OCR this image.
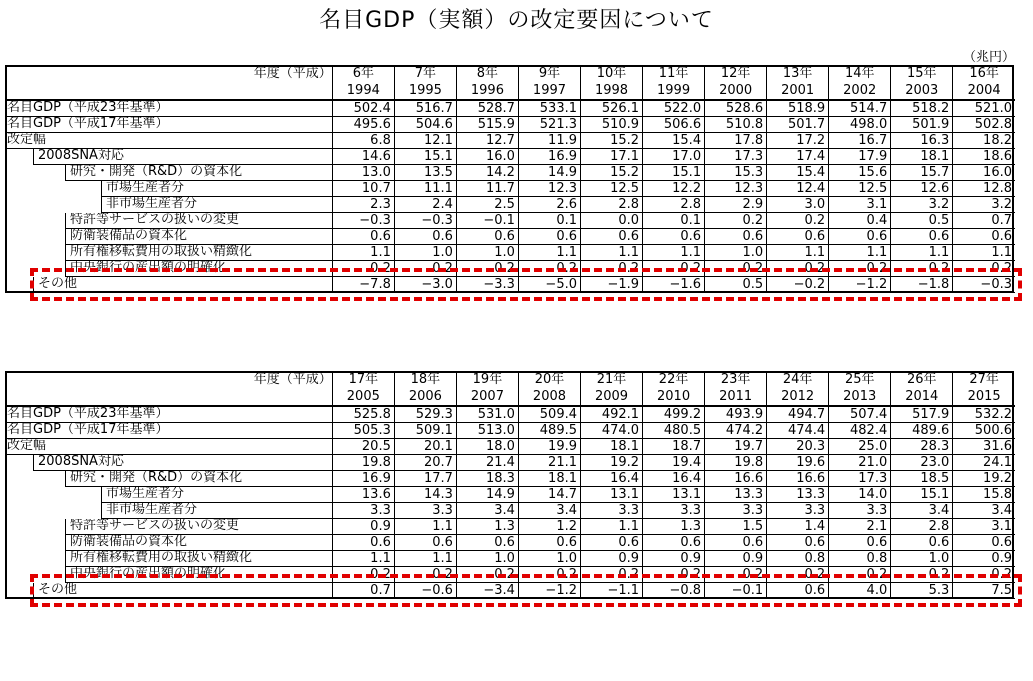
名目GDP（実額）の改定要因について
（兆円）
年度（平成）	6年	7年	8年	9年	10年	11年	12年	13年	14年	15年	16年
	1994	1995	1996	1997	1998	1999	2000	2001	2002	2003	2004

名目GDP（平成23年基準）	502.4	516.7	528.7	533.1	526.1	522.0	528.6	518.9	514.7	518.2	521.0

名目GDP（平成17年基準）	495.6	504.6	515.9	521.3	510.9	506.6	510.8	501.7	498.0	501.9	502.8

改定幅	6.8	12.1	12.7	11.9	15.2	15.4	17.8	17.2	16.7	16.3	18.2

2008SNA対応	14.6	15.1	16.0	16.9	17.1	17.0	17.3	17.4	17.9	18.1	18.6

研究・開発（R&D）の資本化	13.0	13.5	14.2	14.9	15.2	15.1	15.3	15.4	15.6	15.7	16.0

市場生産者分	10.7	11.1	11.7	12.3	12.5	12.2	12.3	12.4	12.5	12.6	12.8

非市場生産者分	2.3	2.4	2.5	2.6	2.8	2.8	2.9	3.0	3.1	3.2	3.2

特許等サービスの扱いの変更	−0.3	−0.3	−0.1	0.1	0.0	0.1	0.2	0.2	0.4	0.5	0.7

防衛装備品の資本化	0.6	0.6	0.6	0.6	0.6	0.6	0.6	0.6	0.6	0.6	0.6

所有権移転費用の取扱い精緻化	1.1	1.0	1.0	1.1	1.1	1.1	1.0	1.1	1.1	1.1	1.1

中央銀行の産出額の明確化	0.2	0.2	0.2	0.2	0.2	0.2	0.2	0.2	0.2	0.2	0.2

その他	−7.8	−3.0	−3.3	−5.0	−1.9	−1.6	0.5	−0.2	−1.2	−1.8	−0.3
年度（平成）	17年	18年	19年	20年	21年	22年	23年	24年	25年	26年	27年
	2005	2006	2007	2008	2009	2010	2011	2012	2013	2014	2015

名目GDP（平成23年基準）	525.8	529.3	531.0	509.4	492.1	499.2	493.9	494.7	507.4	517.9	532.2

名目GDP（平成17年基準）	505.3	509.1	513.0	489.5	474.0	480.5	474.2	474.4	482.4	489.6	500.6

改定幅	20.5	20.1	18.0	19.9	18.1	18.7	19.7	20.3	25.0	28.3	31.6

2008SNA対応	19.8	20.7	21.4	21.1	19.2	19.4	19.8	19.6	21.0	23.0	24.1

研究・開発（R&D）の資本化	16.9	17.7	18.3	18.1	16.4	16.4	16.6	16.6	17.3	18.5	19.2

市場生産者分	13.6	14.3	14.9	14.7	13.1	13.1	13.3	13.3	14.0	15.1	15.8

非市場生産者分	3.3	3.3	3.4	3.4	3.3	3.3	3.3	3.3	3.3	3.4	3.4

特許等サービスの扱いの変更	0.9	1.1	1.3	1.2	1.1	1.3	1.5	1.4	2.1	2.8	3.1

防衛装備品の資本化	0.6	0.6	0.6	0.6	0.6	0.6	0.6	0.6	0.6	0.6	0.6

所有権移転費用の取扱い精緻化	1.1	1.1	1.0	1.0	0.9	0.9	0.9	0.8	0.8	1.0	0.9

中央銀行の産出額の明確化	0.2	0.2	0.2	0.2	0.2	0.2	0.2	0.2	0.2	0.2	0.2

その他	0.7	−0.6	−3.4	−1.2	−1.1	−0.8	−0.1	0.6	4.0	5.3	7.5
